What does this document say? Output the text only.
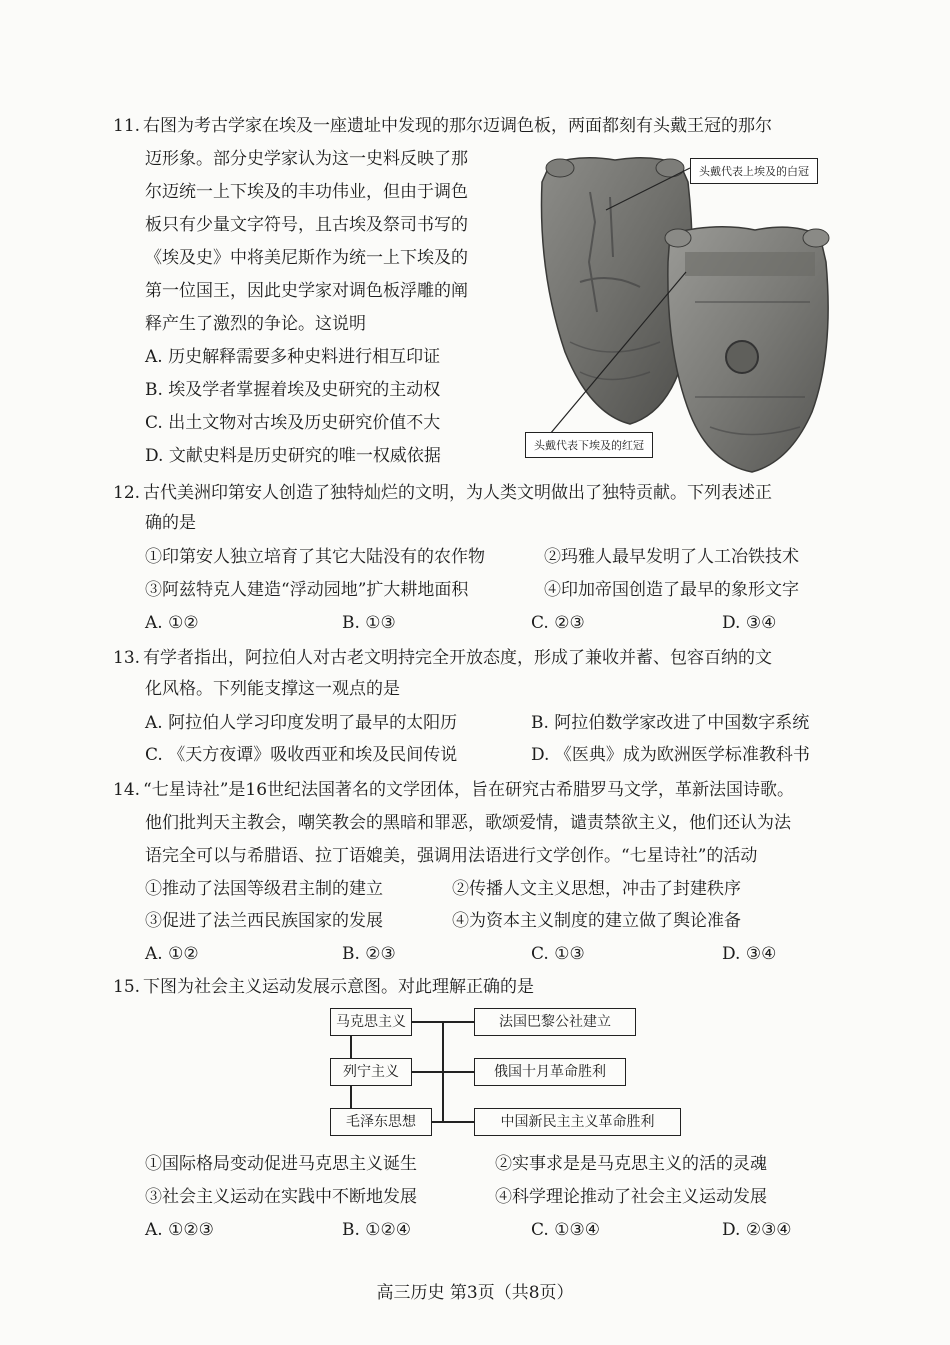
11. 右图为考古学家在埃及一座遗址中发现的那尔迈调色板，两面都刻有头戴王冠的那尔
迈形象。部分史学家认为这一史料反映了那
尔迈统一上下埃及的丰功伟业，但由于调色
板只有少量文字符号，且古埃及祭司书写的
《埃及史》中将美尼斯作为统一上下埃及的
第一位国王，因此史学家对调色板浮雕的阐
释产生了激烈的争论。这说明
A. 历史解释需要多种史料进行相互印证
B. 埃及学者掌握着埃及史研究的主动权
C. 出土文物对古埃及历史研究价值不大
D. 文献史料是历史研究的唯一权威依据
头戴代表上埃及的白冠
头戴代表下埃及的红冠
12. 古代美洲印第安人创造了独特灿烂的文明，为人类文明做出了独特贡献。下列表述正
确的是
①印第安人独立培育了其它大陆没有的农作物	②玛雅人最早发明了人工冶铁技术
③阿兹特克人建造“浮动园地”扩大耕地面积	④印加帝国创造了最早的象形文字
A. ①②	B. ①③	C. ②③	D. ③④
13. 有学者指出，阿拉伯人对古老文明持完全开放态度，形成了兼收并蓄、包容百纳的文
化风格。下列能支撑这一观点的是
A. 阿拉伯人学习印度发明了最早的太阳历	B. 阿拉伯数学家改进了中国数字系统
C. 《天方夜谭》吸收西亚和埃及民间传说	D. 《医典》成为欧洲医学标准教科书
14. “七星诗社”是16世纪法国著名的文学团体，旨在研究古希腊罗马文学，革新法国诗歌。
他们批判天主教会，嘲笑教会的黑暗和罪恶，歌颂爱情，谴责禁欲主义，他们还认为法
语完全可以与希腊语、拉丁语媲美，强调用法语进行文学创作。“七星诗社”的活动
①推动了法国等级君主制的建立	②传播人文主义思想，冲击了封建秩序
③促进了法兰西民族国家的发展	④为资本主义制度的建立做了舆论准备
A. ①②	B. ②③	C. ①③	D. ③④
15. 下图为社会主义运动发展示意图。对此理解正确的是
马克思主义
列宁主义
毛泽东思想
法国巴黎公社建立
俄国十月革命胜利
中国新民主主义革命胜利
①国际格局变动促进马克思主义诞生	②实事求是是马克思主义的活的灵魂
③社会主义运动在实践中不断地发展	④科学理论推动了社会主义运动发展
A. ①②③	B. ①②④	C. ①③④	D. ②③④
高三历史 第3页（共8页）
